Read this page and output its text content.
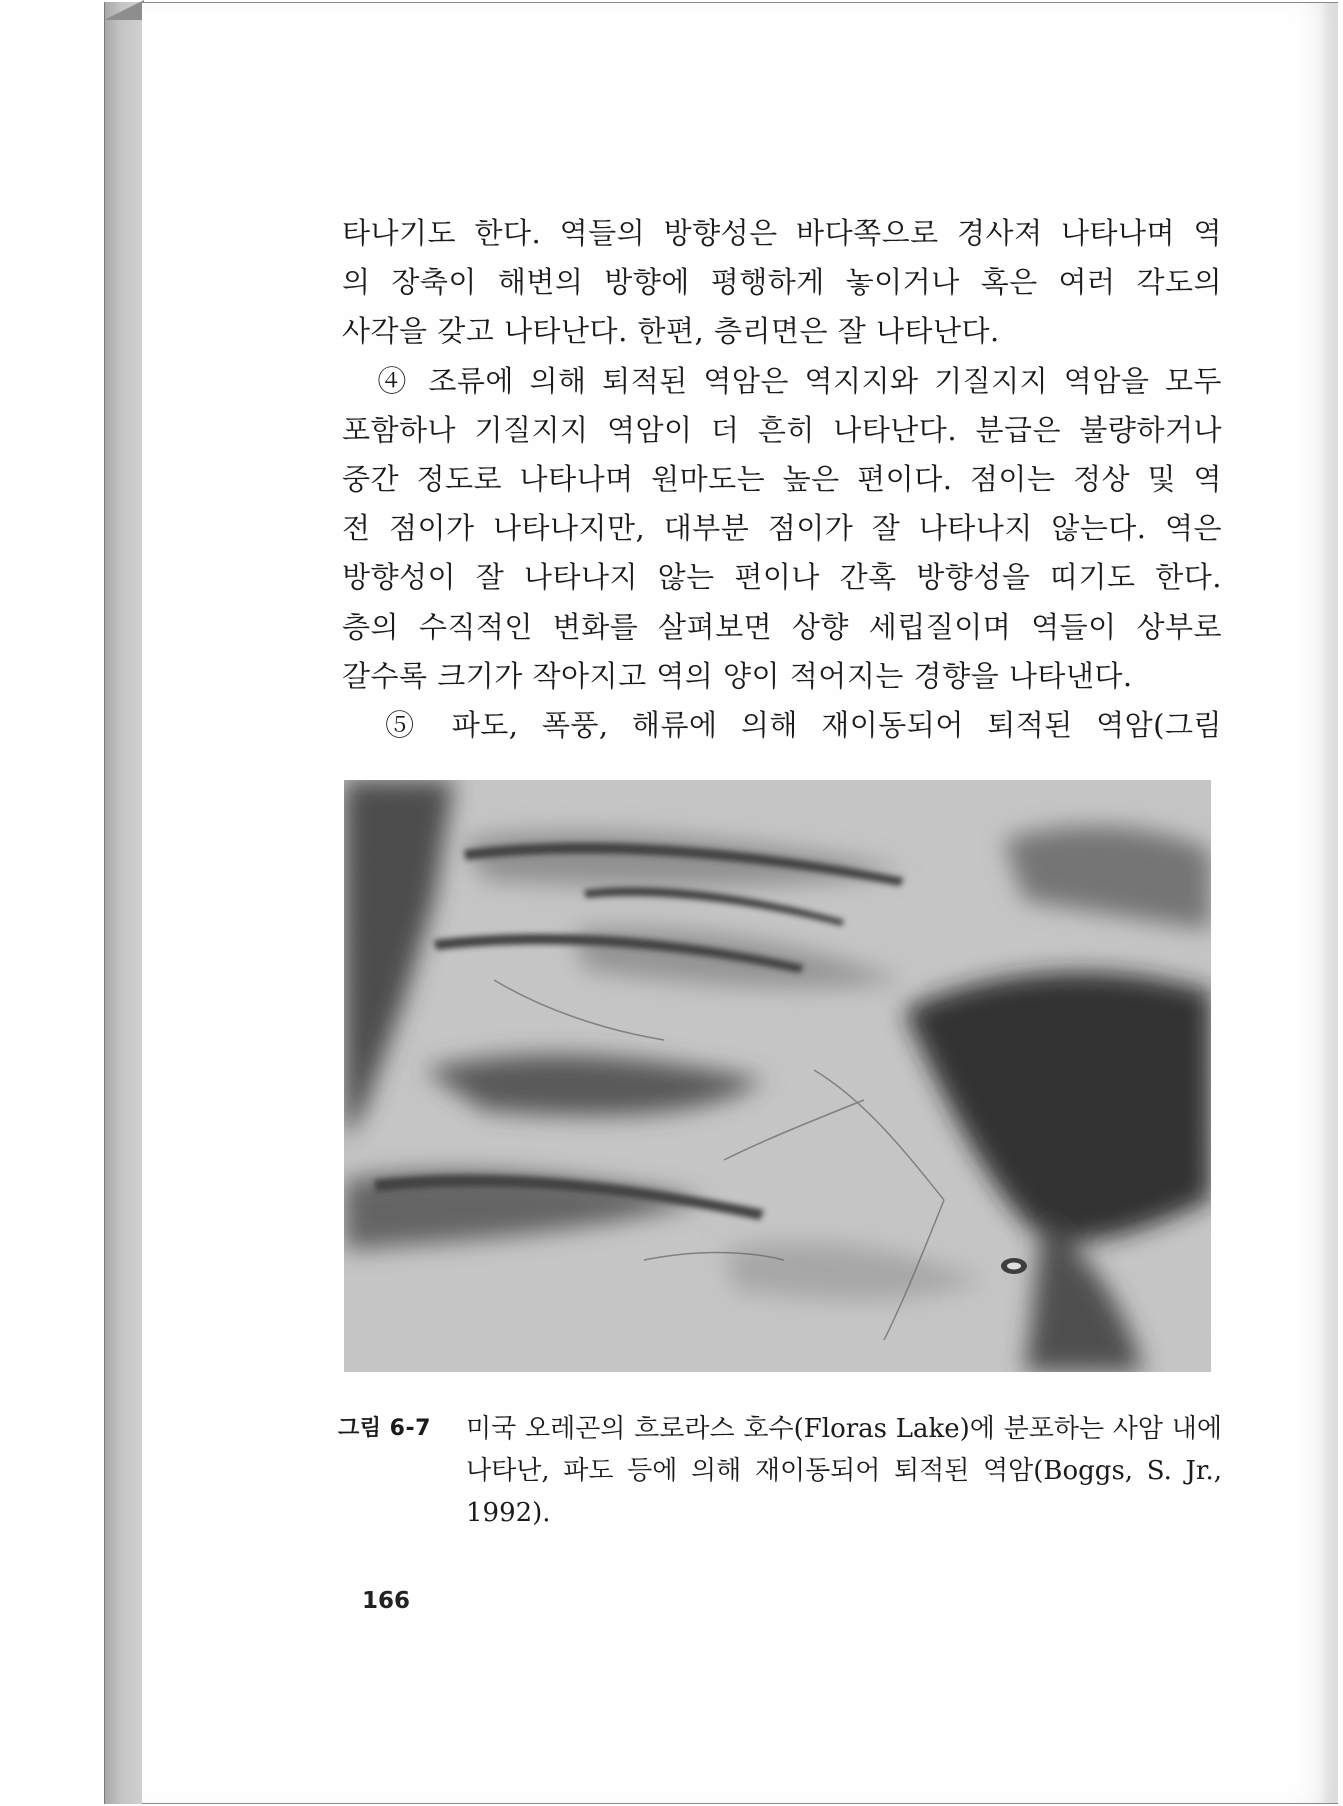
타나기도 한다. 역들의 방향성은 바다쪽으로 경사져 나타나며 역
의 장축이 해변의 방향에 평행하게 놓이거나 혹은 여러 각도의
사각을 갖고 나타난다. 한편, 층리면은 잘 나타난다.
　④ 조류에 의해 퇴적된 역암은 역지지와 기질지지 역암을 모두
포함하나 기질지지 역암이 더 흔히 나타난다. 분급은 불량하거나
중간 정도로 나타나며 원마도는 높은 편이다. 점이는 정상 및 역
전 점이가 나타나지만, 대부분 점이가 잘 나타나지 않는다. 역은
방향성이 잘 나타나지 않는 편이나 간혹 방향성을 띠기도 한다.
층의 수직적인 변화를 살펴보면 상향 세립질이며 역들이 상부로
갈수록 크기가 작아지고 역의 양이 적어지는 경향을 나타낸다.
　⑤ 파도, 폭풍, 해류에 의해 재이동되어 퇴적된 역암(그림
그림 6-7	미국 오레곤의 흐로라스 호수(Floras Lake)에 분포하는 사암 내에 나타난, 파도 등에 의해 재이동되어 퇴적된 역암(Boggs, S. Jr., 1992).
166
